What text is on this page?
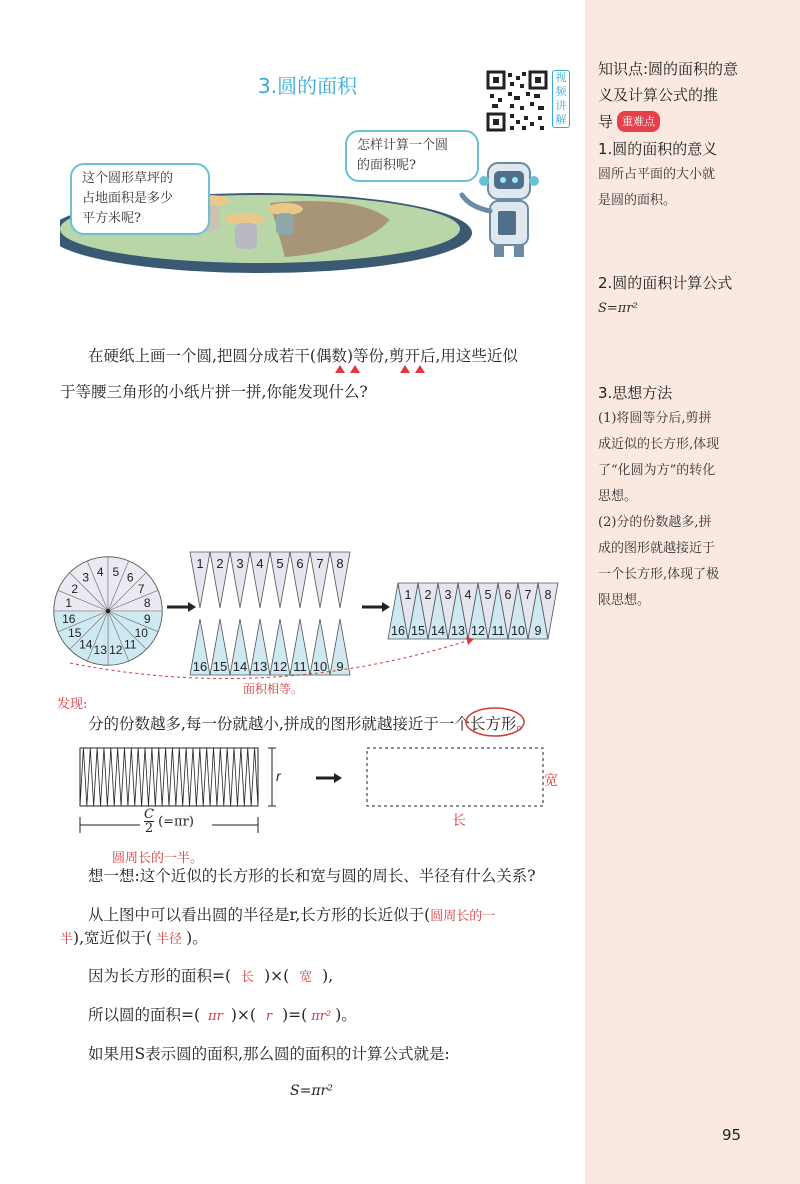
知识点:圆的面积的意
义及计算公式的推
导 重难点
1.圆的面积的意义
圆所占平面的大小就
是圆的面积。
2.圆的面积计算公式
S=πr²
3.思想方法
(1)将圆等分后,剪拼
成近似的长方形,体现
了“化圆为方”的转化
思想。
(2)分的份数越多,拼
成的图形就越接近于
一个长方形,体现了极
限思想。
3.圆的面积	视
频
讲
解
这个圆形草坪的
占地面积是多少
平方米呢?
怎样计算一个圆
的面积呢?
在硬纸上画一个圆,把圆分成若干(偶数)等份,剪开后,用这些近似
于等腰三角形的小纸片拼一拼,你能发现什么?
1
2
3 4 5 6
7
8
9
10
11
12
13
14
15
16
1 2 3 4 5 6 7 8
16 15 14 13 12 11 10 9
16 15 14 13 12 11 10 9
1 2 3 4 5 6 7 8
面积相等。
发现:
分的份数越多,每一份就越小,拼成的图形就越接近于一个长方形
。
r
$\frac{C}{2} (=\pi r)$
宽
长
圆周长的一半。
想一想:这个近似的长方形的长和宽与圆的周长、半径有什么关系?
从上图中可以看出圆的半径是r,长方形的长近似于(圆周长的一
半),宽近似于( 半径 )。
因为长方形的面积=( 长 )×( 宽 ),
所以圆的面积=( πr )×( r )=( πr² )。
如果用S表示圆的面积,那么圆的面积的计算公式就是:
S=πr²
95
